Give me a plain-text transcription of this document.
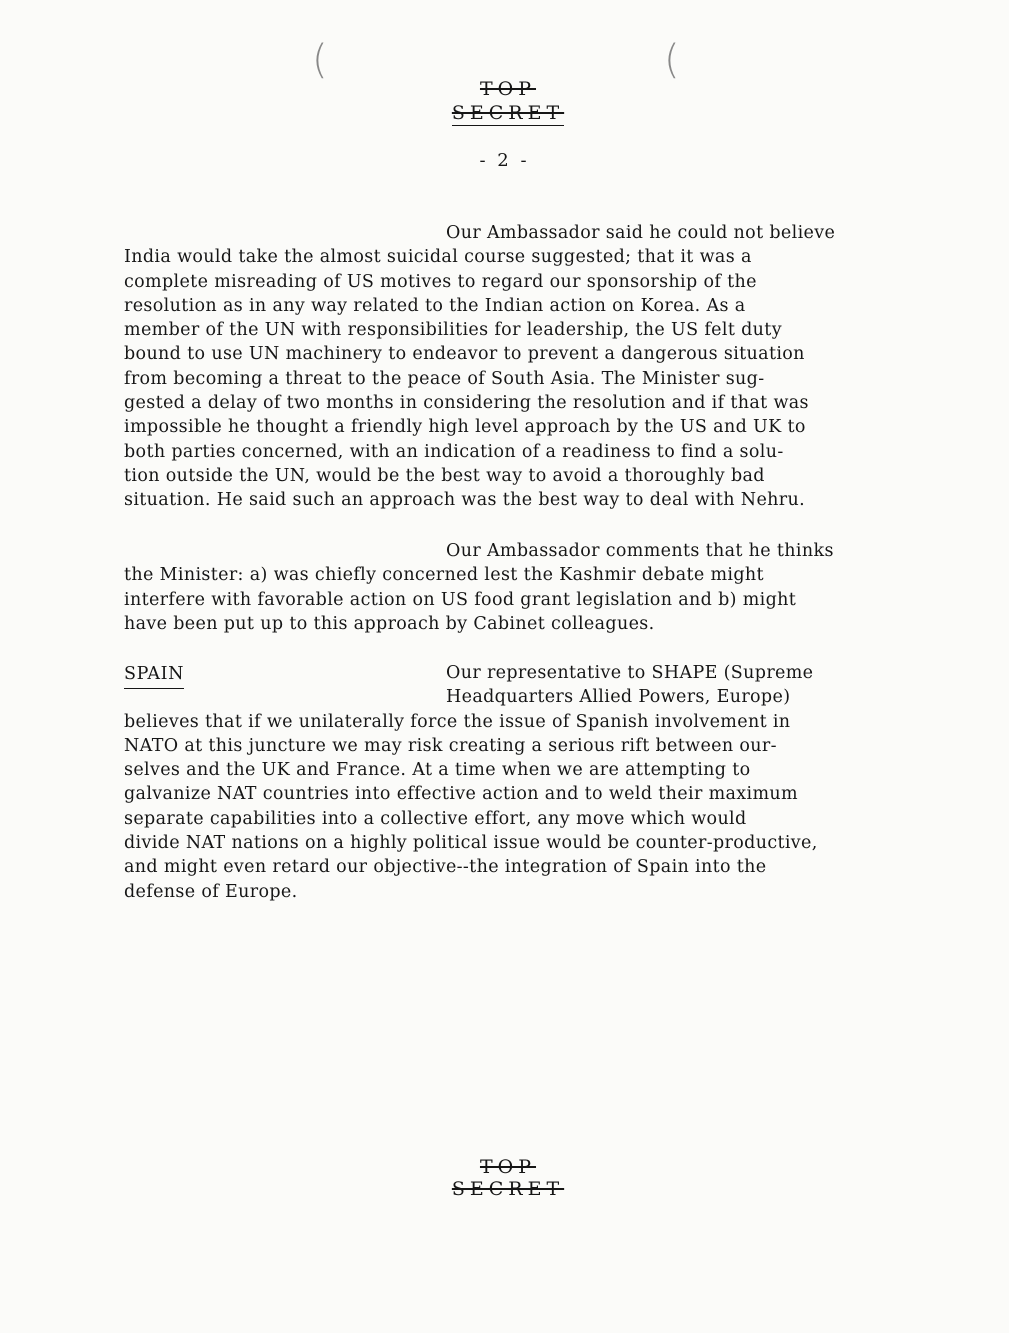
(	(
TOP
SECRET
- 2 -
Our Ambassador said he could not believe
India would take the almost suicidal course suggested; that it was a
complete misreading of US motives to regard our sponsorship of the
resolution as in any way related to the Indian action on Korea. As a
member of the UN with responsibilities for leadership, the US felt duty
bound to use UN machinery to endeavor to prevent a dangerous situation
from becoming a threat to the peace of South Asia. The Minister sug-
gested a delay of two months in considering the resolution and if that was
impossible he thought a friendly high level approach by the US and UK to
both parties concerned, with an indication of a readiness to find a solu-
tion outside the UN, would be the best way to avoid a thoroughly bad
situation. He said such an approach was the best way to deal with Nehru.
Our Ambassador comments that he thinks
the Minister: a) was chiefly concerned lest the Kashmir debate might
interfere with favorable action on US food grant legislation and b) might
have been put up to this approach by Cabinet colleagues.
SPAIN	Our representative to SHAPE (Supreme
Headquarters Allied Powers, Europe)
believes that if we unilaterally force the issue of Spanish involvement in
NATO at this juncture we may risk creating a serious rift between our-
selves and the UK and France. At a time when we are attempting to
galvanize NAT countries into effective action and to weld their maximum
separate capabilities into a collective effort, any move which would
divide NAT nations on a highly political issue would be counter-productive,
and might even retard our objective--the integration of Spain into the
defense of Europe.
TOP
SECRET
